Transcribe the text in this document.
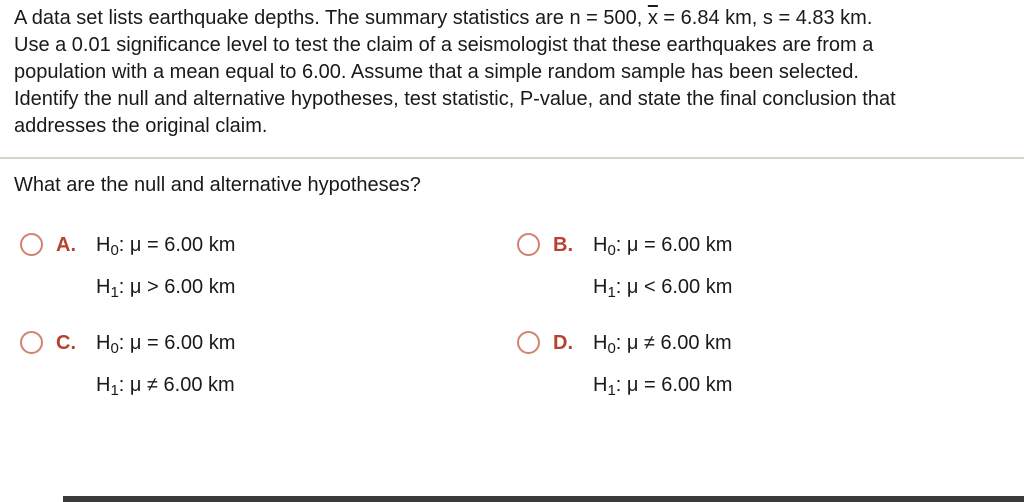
A data set lists earthquake depths. The summary statistics are n = 500, $\overline{x} = 6.84$ km, s = 4.83 km.
Use a 0.01 significance level to test the claim of a seismologist that these earthquakes are from a
population with a mean equal to 6.00. Assume that a simple random sample has been selected.
Identify the null and alternative hypotheses, test statistic, P-value, and state the final conclusion that
addresses the original claim.
What are the null and alternative hypotheses?
A.	$H_0$: μ = 6.00 km
$H_1$: μ > 6.00 km
B.	$H_0$: μ = 6.00 km
$H_1$: μ < 6.00 km
C.	$H_0$: μ = 6.00 km
$H_1$: μ ≠ 6.00 km
D.	$H_0$: μ ≠ 6.00 km
$H_1$: μ = 6.00 km
